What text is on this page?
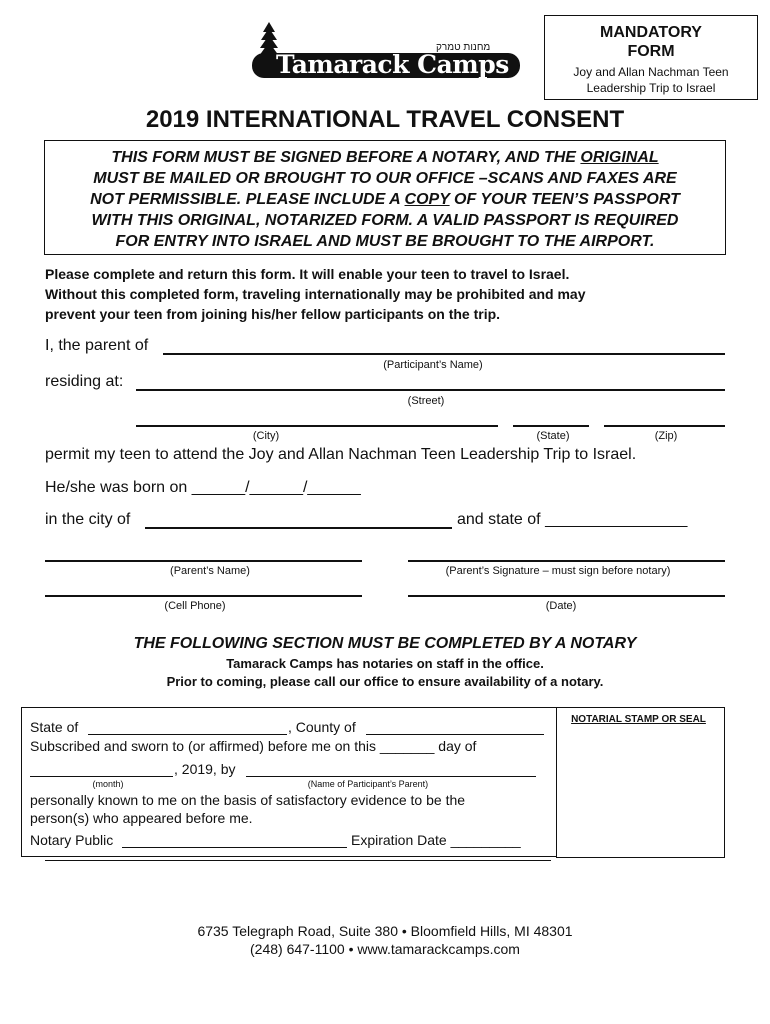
מחנות טמרק
Tamarack Camps
MANDATORY
FORM
Joy and Allan Nachman Teen
Leadership Trip to Israel
2019 INTERNATIONAL TRAVEL CONSENT
THIS FORM MUST BE SIGNED BEFORE A NOTARY, AND THE ORIGINAL
MUST BE MAILED OR BROUGHT TO OUR OFFICE –SCANS AND FAXES ARE
NOT PERMISSIBLE. PLEASE INCLUDE A COPY OF YOUR TEEN’S PASSPORT
WITH THIS ORIGINAL, NOTARIZED FORM. A VALID PASSPORT IS REQUIRED
FOR ENTRY INTO ISRAEL AND MUST BE BROUGHT TO THE AIRPORT.
Please complete and return this form. It will enable your teen to travel to Israel.
Without this completed form, traveling internationally may be prohibited and may
prevent your teen from joining his/her fellow participants on the trip.
I, the parent of
(Participant’s Name)
residing at:
(Street)
(City)	(State)	(Zip)
permit my teen to attend the Joy and Allan Nachman Teen Leadership Trip to Israel.
He/she was born on ______/______/______
in the city of	and state of ________________
(Parent’s Name)	(Parent’s Signature – must sign before notary)
(Cell Phone)	(Date)
THE FOLLOWING SECTION MUST BE COMPLETED BY A NOTARY
Tamarack Camps has notaries on staff in the office.
Prior to coming, please call our office to ensure availability of a notary.
NOTARIAL STAMP OR SEAL
State of	, County of
Subscribed and sworn to (or affirmed) before me on this _______ day of
, 2019, by
(month)	(Name of Participant’s Parent)
personally known to me on the basis of satisfactory evidence to be the
person(s) who appeared before me.
Notary Public	Expiration Date _________
6735 Telegraph Road, Suite 380 • Bloomfield Hills, MI 48301
(248) 647-1100 • www.tamarackcamps.com
